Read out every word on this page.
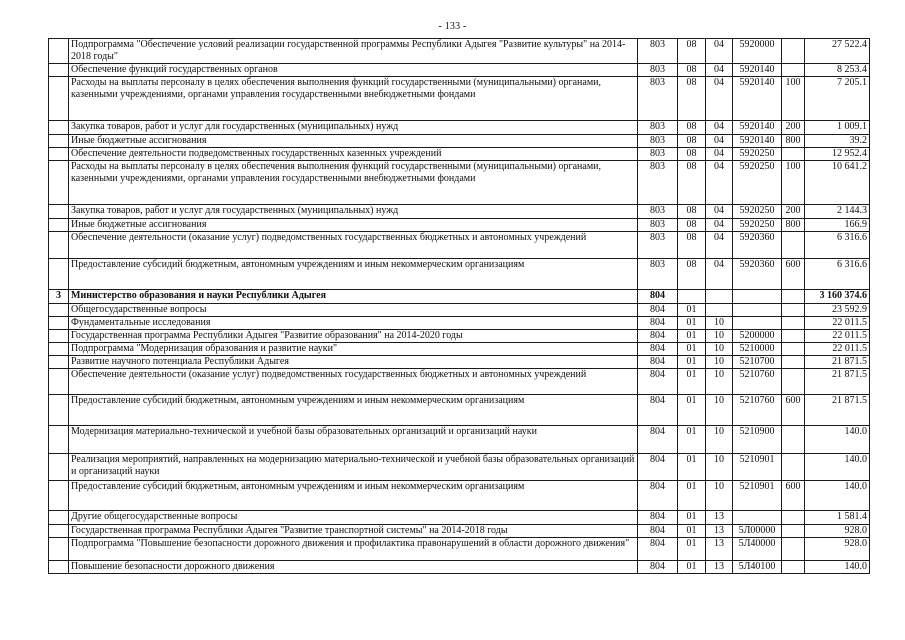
- 133 -
	Подпрограмма "Обеспечение условий реализации государственной программы Республики Адыгея "Развитие культуры" на 2014-2018 годы"	803	08	04	5920000		27 522.4
	Обеспечение функций государственных органов	803	08	04	5920140		8 253.4
	Расходы на выплаты персоналу в целях обеспечения выполнения функций государственными (муниципальными) органами, казенными учреждениями, органами управления государственными внебюджетными фондами	803	08	04	5920140	100	7 205.1
	Закупка товаров, работ и услуг для государственных (муниципальных) нужд	803	08	04	5920140	200	1 009.1
	Иные бюджетные ассигнования	803	08	04	5920140	800	39.2
	Обеспечение деятельности подведомственных государственных казенных учреждений	803	08	04	5920250		12 952.4
	Расходы на выплаты персоналу в целях обеспечения выполнения функций государственными (муниципальными) органами, казенными учреждениями, органами управления государственными внебюджетными фондами	803	08	04	5920250	100	10 641.2
	Закупка товаров, работ и услуг для государственных (муниципальных) нужд	803	08	04	5920250	200	2 144.3
	Иные бюджетные ассигнования	803	08	04	5920250	800	166.9
	Обеспечение деятельности (оказание услуг) подведомственных государственных бюджетных и автономных учреждений	803	08	04	5920360		6 316.6
	Предоставление субсидий бюджетным, автономным учреждениям и иным некоммерческим организациям	803	08	04	5920360	600	6 316.6
3	Министерство образования и науки Республики Адыгея	804					3 160 374.6
	Общегосударственные вопросы	804	01				23 592.9
	Фундаментальные исследования	804	01	10			22 011.5
	Государственная программа Республики Адыгея "Развитие образования" на 2014-2020 годы	804	01	10	5200000		22 011.5
	Подпрограмма "Модернизация образования и развитие науки"	804	01	10	5210000		22 011.5
	Развитие научного потенциала Республики Адыгея	804	01	10	5210700		21 871.5
	Обеспечение деятельности (оказание услуг) подведомственных государственных бюджетных и автономных учреждений	804	01	10	5210760		21 871.5
	Предоставление субсидий бюджетным, автономным учреждениям и иным некоммерческим организациям	804	01	10	5210760	600	21 871.5
	Модернизация материально-технической и учебной базы образовательных организаций и организаций науки	804	01	10	5210900		140.0
	Реализация мероприятий, направленных на модернизацию материально-технической и учебной базы образовательных организаций и организаций науки	804	01	10	5210901		140.0
	Предоставление субсидий бюджетным, автономным учреждениям и иным некоммерческим организациям	804	01	10	5210901	600	140.0
	Другие общегосударственные вопросы	804	01	13			1 581.4
	Государственная программа Республики Адыгея "Развитие транспортной системы" на 2014-2018 годы	804	01	13	5Л00000		928.0
	Подпрограмма "Повышение безопасности дорожного движения и профилактика правонарушений в области дорожного движения"	804	01	13	5Л40000		928.0
	Повышение безопасности дорожного движения	804	01	13	5Л40100		140.0
